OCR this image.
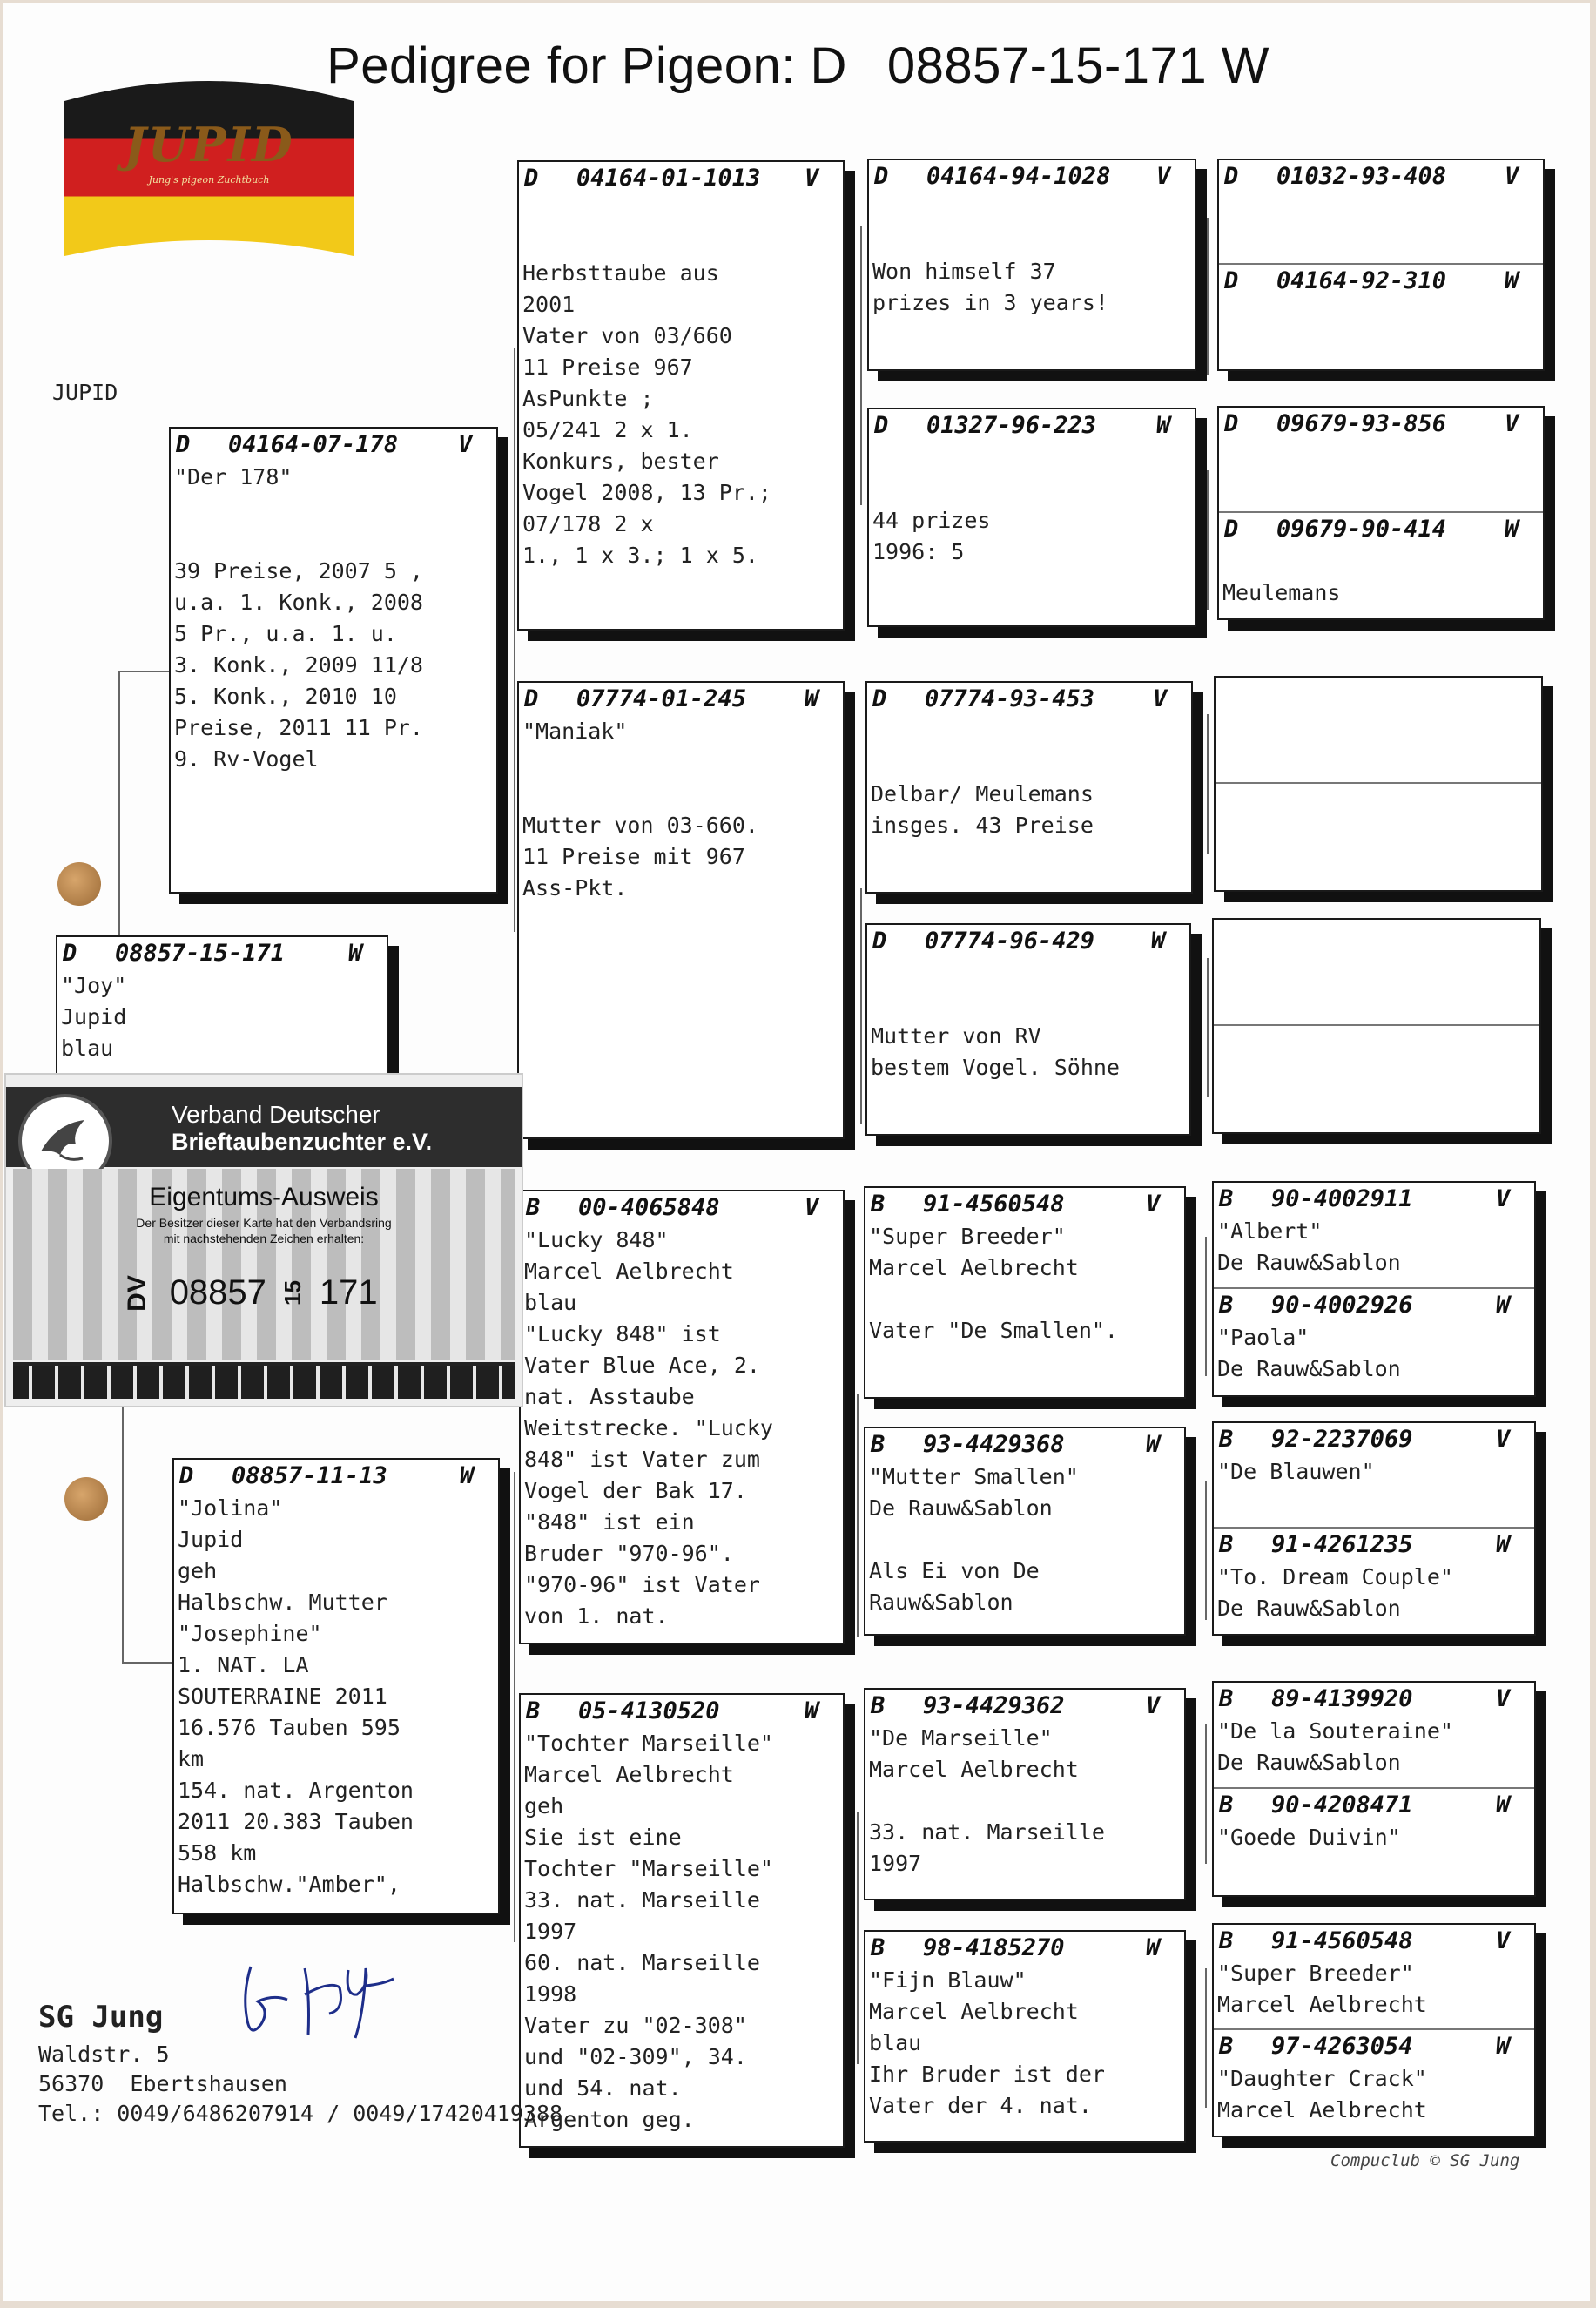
Pedigree for Pigeon: D 08857-15-171 W
JUPID
Jung's pigeon Zuchtbuch
JUPID
D	04164-07-178	V
"Der 178"
39 Preise, 2007 5 ,
u.a. 1. Konk., 2008
5 Pr., u.a. 1. u.
3. Konk., 2009 11/8
5. Konk., 2010 10
Preise, 2011 11 Pr.
9. Rv-Vogel
D	08857-11-13	W
"Jolina"
Jupid
geh
Halbschw. Mutter
"Josephine"
1. NAT. LA
SOUTERRAINE 2011
16.576 Tauben 595
km
154. nat. Argenton
2011 20.383 Tauben
558 km
Halbschw."Amber",
D	08857-15-171	W
"Joy"
Jupid
blau
D	04164-01-1013	V
Herbsttaube aus
2001
Vater von 03/660
11 Preise 967
AsPunkte ;
05/241 2 x 1.
Konkurs, bester
Vogel 2008, 13 Pr.;
07/178 2 x
1., 1 x 3.; 1 x 5.
D	07774-01-245	W
"Maniak"
Mutter von 03-660.
11 Preise mit 967
Ass-Pkt.
B	00-4065848	V
"Lucky 848"
Marcel Aelbrecht
blau
"Lucky 848" ist
Vater Blue Ace, 2.
nat. Asstaube
Weitstrecke. "Lucky
848" ist Vater zum
Vogel der Bak 17.
"848" ist ein
Bruder "970-96".
"970-96" ist Vater
von 1. nat.
B	05-4130520	W
"Tochter Marseille"
Marcel Aelbrecht
geh
Sie ist eine
Tochter "Marseille"
33. nat. Marseille
1997
60. nat. Marseille
1998
Vater zu "02-308"
und "02-309", 34.
und 54. nat.
Argenton geg.
D	04164-94-1028	V
Won himself 37
prizes in 3 years!
D	01327-96-223	W
44 prizes
1996: 5
D	07774-93-453	V
Delbar/ Meulemans
insges. 43 Preise
D	07774-96-429	W
Mutter von RV
bestem Vogel. Söhne
B	91-4560548	V
"Super Breeder"
Marcel Aelbrecht
Vater "De Smallen".
B	93-4429368	W
"Mutter Smallen"
De Rauw&Sablon
Als Ei von De
Rauw&Sablon
B	93-4429362	V
"De Marseille"
Marcel Aelbrecht
33. nat. Marseille
1997
B	98-4185270	W
"Fijn Blauw"
Marcel Aelbrecht
blau
Ihr Bruder ist der
Vater der 4. nat.
D	01032-93-408	V
D	04164-92-310	W
D	09679-93-856	V
D	09679-90-414	W
Meulemans
B	90-4002911	V
"Albert"
De Rauw&Sablon
B	90-4002926	W
"Paola"
De Rauw&Sablon
B	92-2237069	V
"De Blauwen"
B	91-4261235	W
"To. Dream Couple"
De Rauw&Sablon
B	89-4139920	V
"De la Souteraine"
De Rauw&Sablon
B	90-4208471	W
"Goede Duivin"
B	91-4560548	V
"Super Breeder"
Marcel Aelbrecht
B	97-4263054	W
"Daughter Crack"
Marcel Aelbrecht
Verband Deutscher
Brieftaubenzuchter e.V.
Eigentums-Ausweis
Der Besitzer dieser Karte hat den Verbandsring
mit nachstehenden Zeichen erhalten:
DV 08857 15 171
SG Jung
Waldstr. 5
56370  Ebertshausen
Tel.: 0049/6486207914 / 0049/17420419388
Compuclub © SG Jung
